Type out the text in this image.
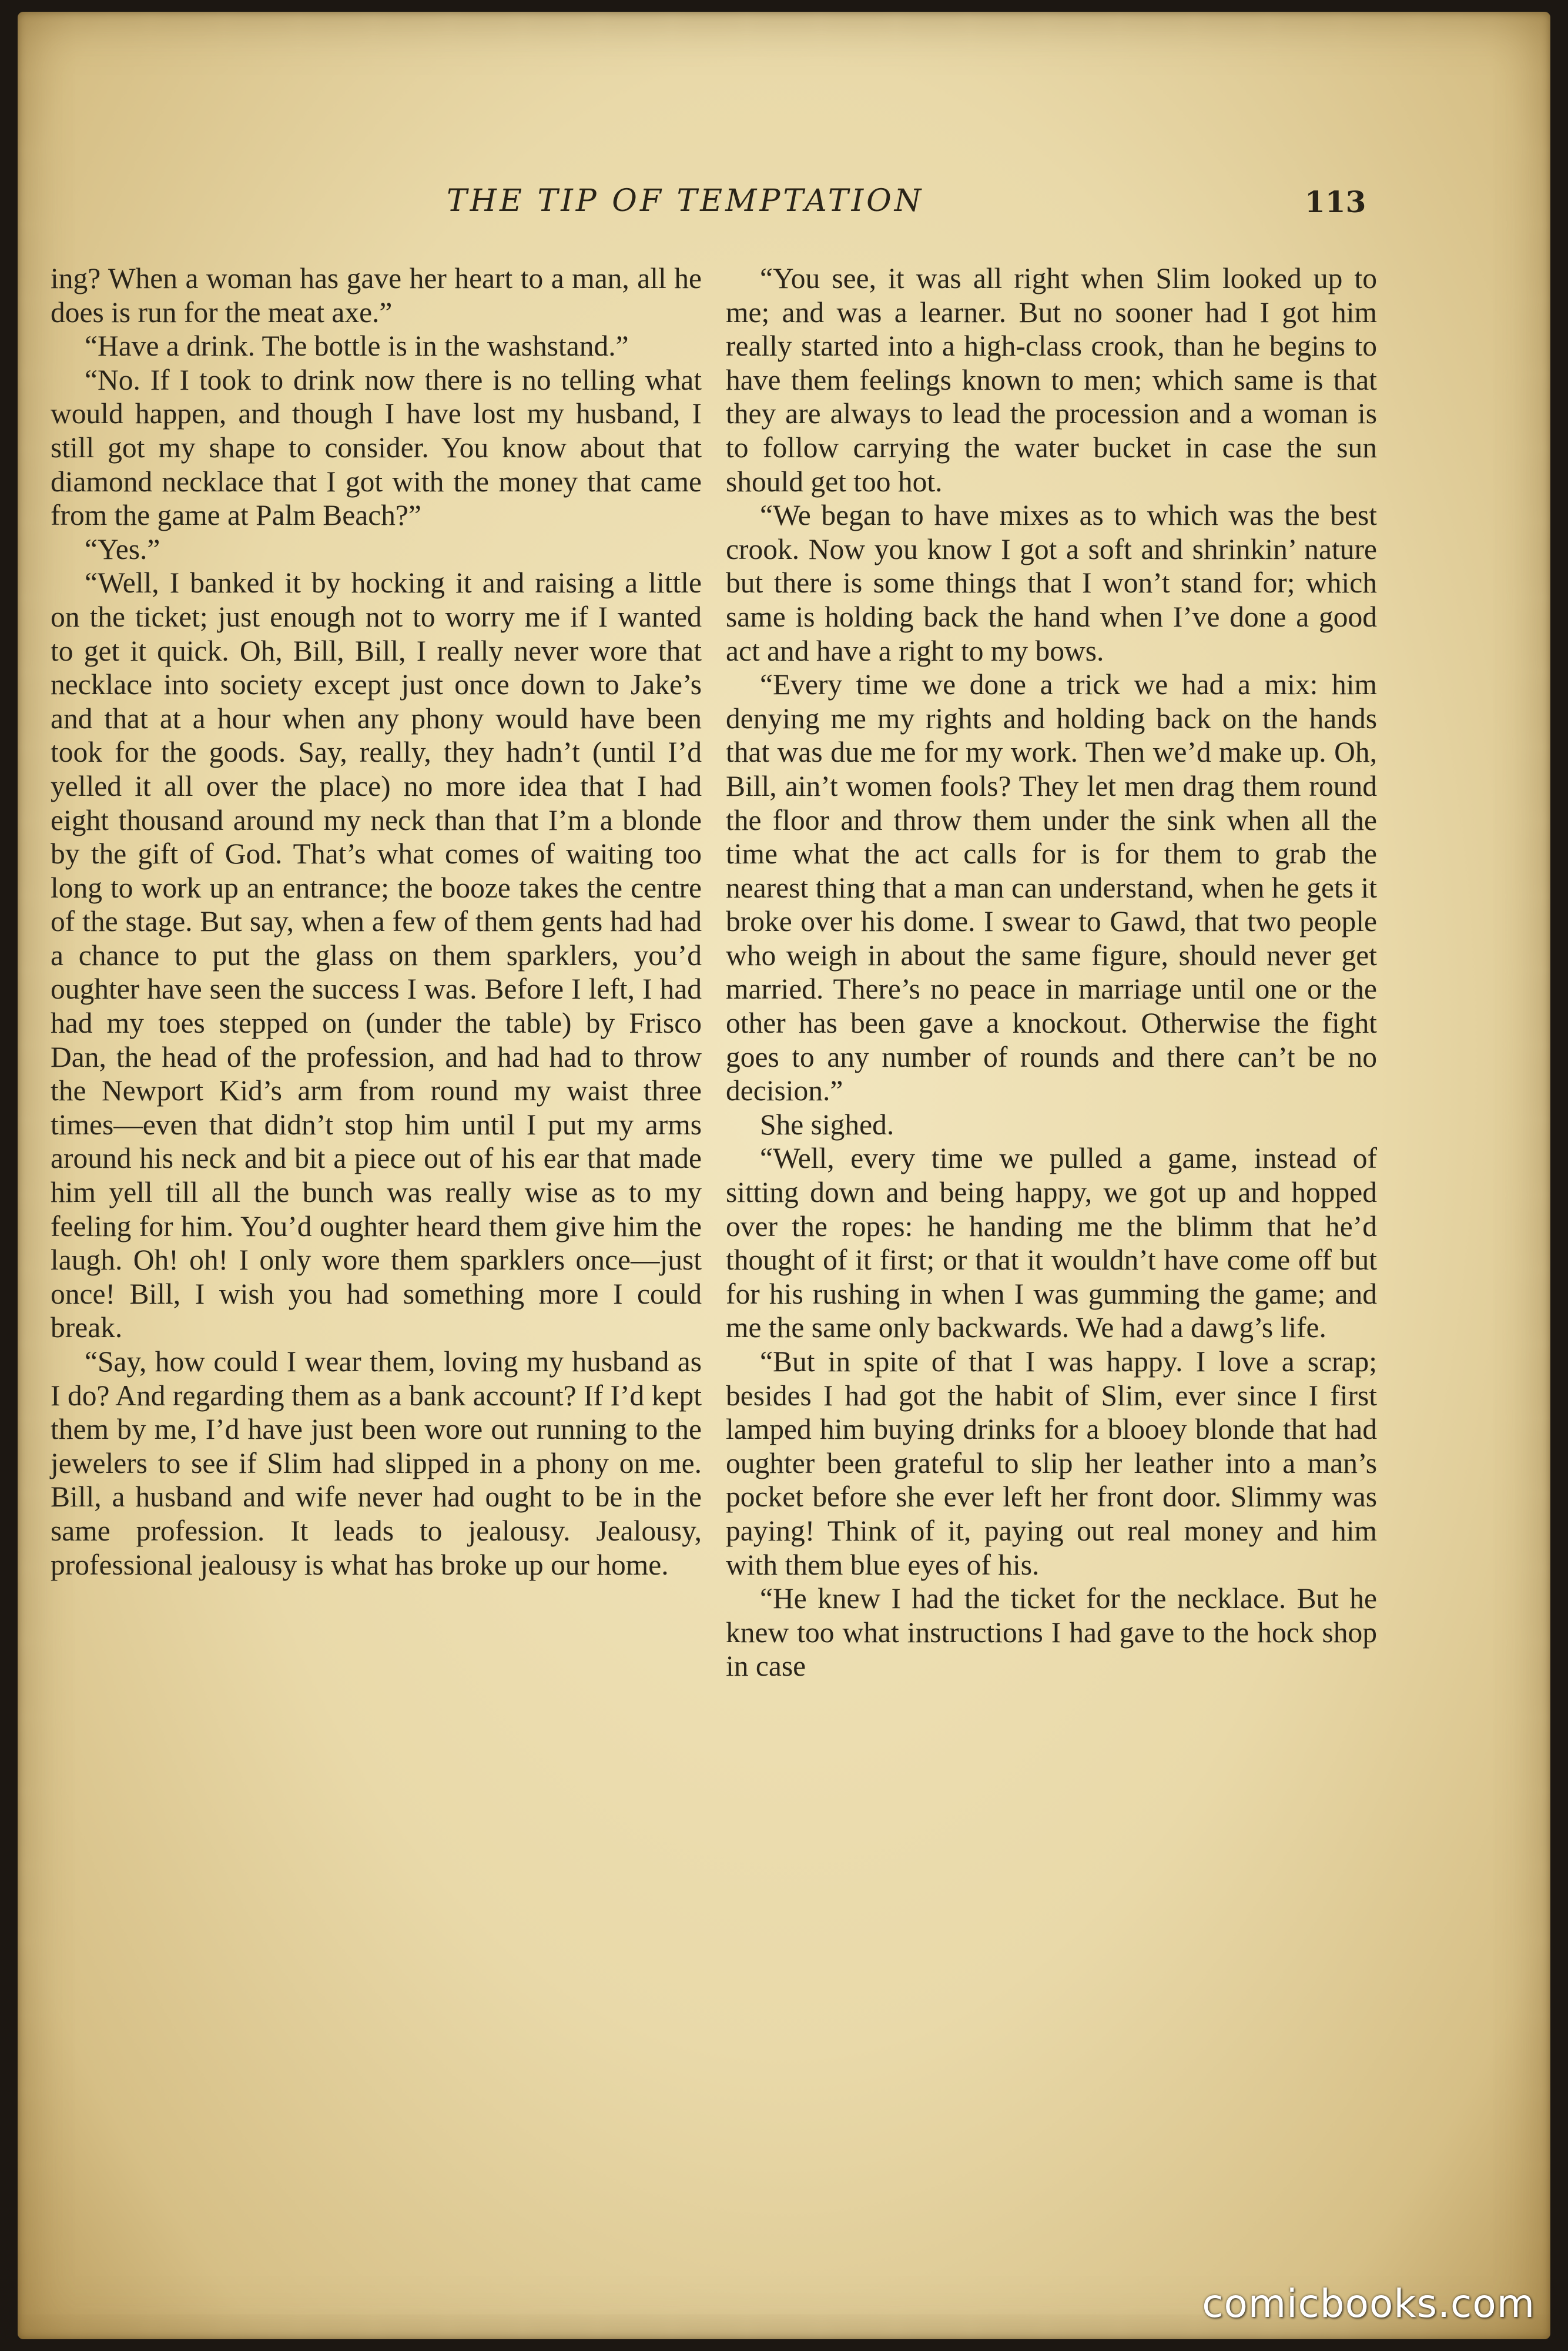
THE TIP OF TEMPTATION	113

ing? When a woman has gave her heart to a man, all he does is run for the meat axe.”

“Have a drink. The bottle is in the washstand.”

“No. If I took to drink now there is no telling what would happen, and though I have lost my husband, I still got my shape to consider. You know about that diamond necklace that I got with the money that came from the game at Palm Beach?”

“Yes.”

“Well, I banked it by hocking it and raising a little on the ticket; just enough not to worry me if I wanted to get it quick. Oh, Bill, Bill, I really never wore that necklace into society except just once down to Jake’s and that at a hour when any phony would have been took for the goods. Say, really, they hadn’t (until I’d yelled it all over the place) no more idea that I had eight thousand around my neck than that I’m a blonde by the gift of God. That’s what comes of waiting too long to work up an entrance; the booze takes the centre of the stage. But say, when a few of them gents had had a chance to put the glass on them sparklers, you’d oughter have seen the success I was. Before I left, I had had my toes stepped on (under the table) by Frisco Dan, the head of the profession, and had had to throw the Newport Kid’s arm from round my waist three times—even that didn’t stop him until I put my arms around his neck and bit a piece out of his ear that made him yell till all the bunch was really wise as to my feeling for him. You’d oughter heard them give him the laugh. Oh! oh! I only wore them sparklers once—just once! Bill, I wish you had something more I could break.

“Say, how could I wear them, loving my husband as I do? And regarding them as a bank account? If I’d kept them by me, I’d have just been wore out running to the jewelers to see if Slim had slipped in a phony on me. Bill, a husband and wife never had ought to be in the same profession. It leads to jealousy. Jealousy, professional jealousy is what has broke up our home.

“You see, it was all right when Slim looked up to me; and was a learner. But no sooner had I got him really started into a high-class crook, than he begins to have them feelings known to men; which same is that they are always to lead the procession and a woman is to follow carrying the water bucket in case the sun should get too hot.

“We began to have mixes as to which was the best crook. Now you know I got a soft and shrinkin’ nature but there is some things that I won’t stand for; which same is holding back the hand when I’ve done a good act and have a right to my bows.

“Every time we done a trick we had a mix: him denying me my rights and holding back on the hands that was due me for my work. Then we’d make up. Oh, Bill, ain’t women fools? They let men drag them round the floor and throw them under the sink when all the time what the act calls for is for them to grab the nearest thing that a man can understand, when he gets it broke over his dome. I swear to Gawd, that two people who weigh in about the same figure, should never get married. There’s no peace in marriage until one or the other has been gave a knockout. Otherwise the fight goes to any number of rounds and there can’t be no decision.”

She sighed.

“Well, every time we pulled a game, instead of sitting down and being happy, we got up and hopped over the ropes: he handing me the blimm that he’d thought of it first; or that it wouldn’t have come off but for his rushing in when I was gumming the game; and me the same only backwards. We had a dawg’s life.

“But in spite of that I was happy. I love a scrap; besides I had got the habit of Slim, ever since I first lamped him buying drinks for a blooey blonde that had oughter been grateful to slip her leather into a man’s pocket before she ever left her front door. Slimmy was paying! Think of it, paying out real money and him with them blue eyes of his.

“He knew I had the ticket for the necklace. But he knew too what instructions I had gave to the hock shop in case

comicbooks.com
